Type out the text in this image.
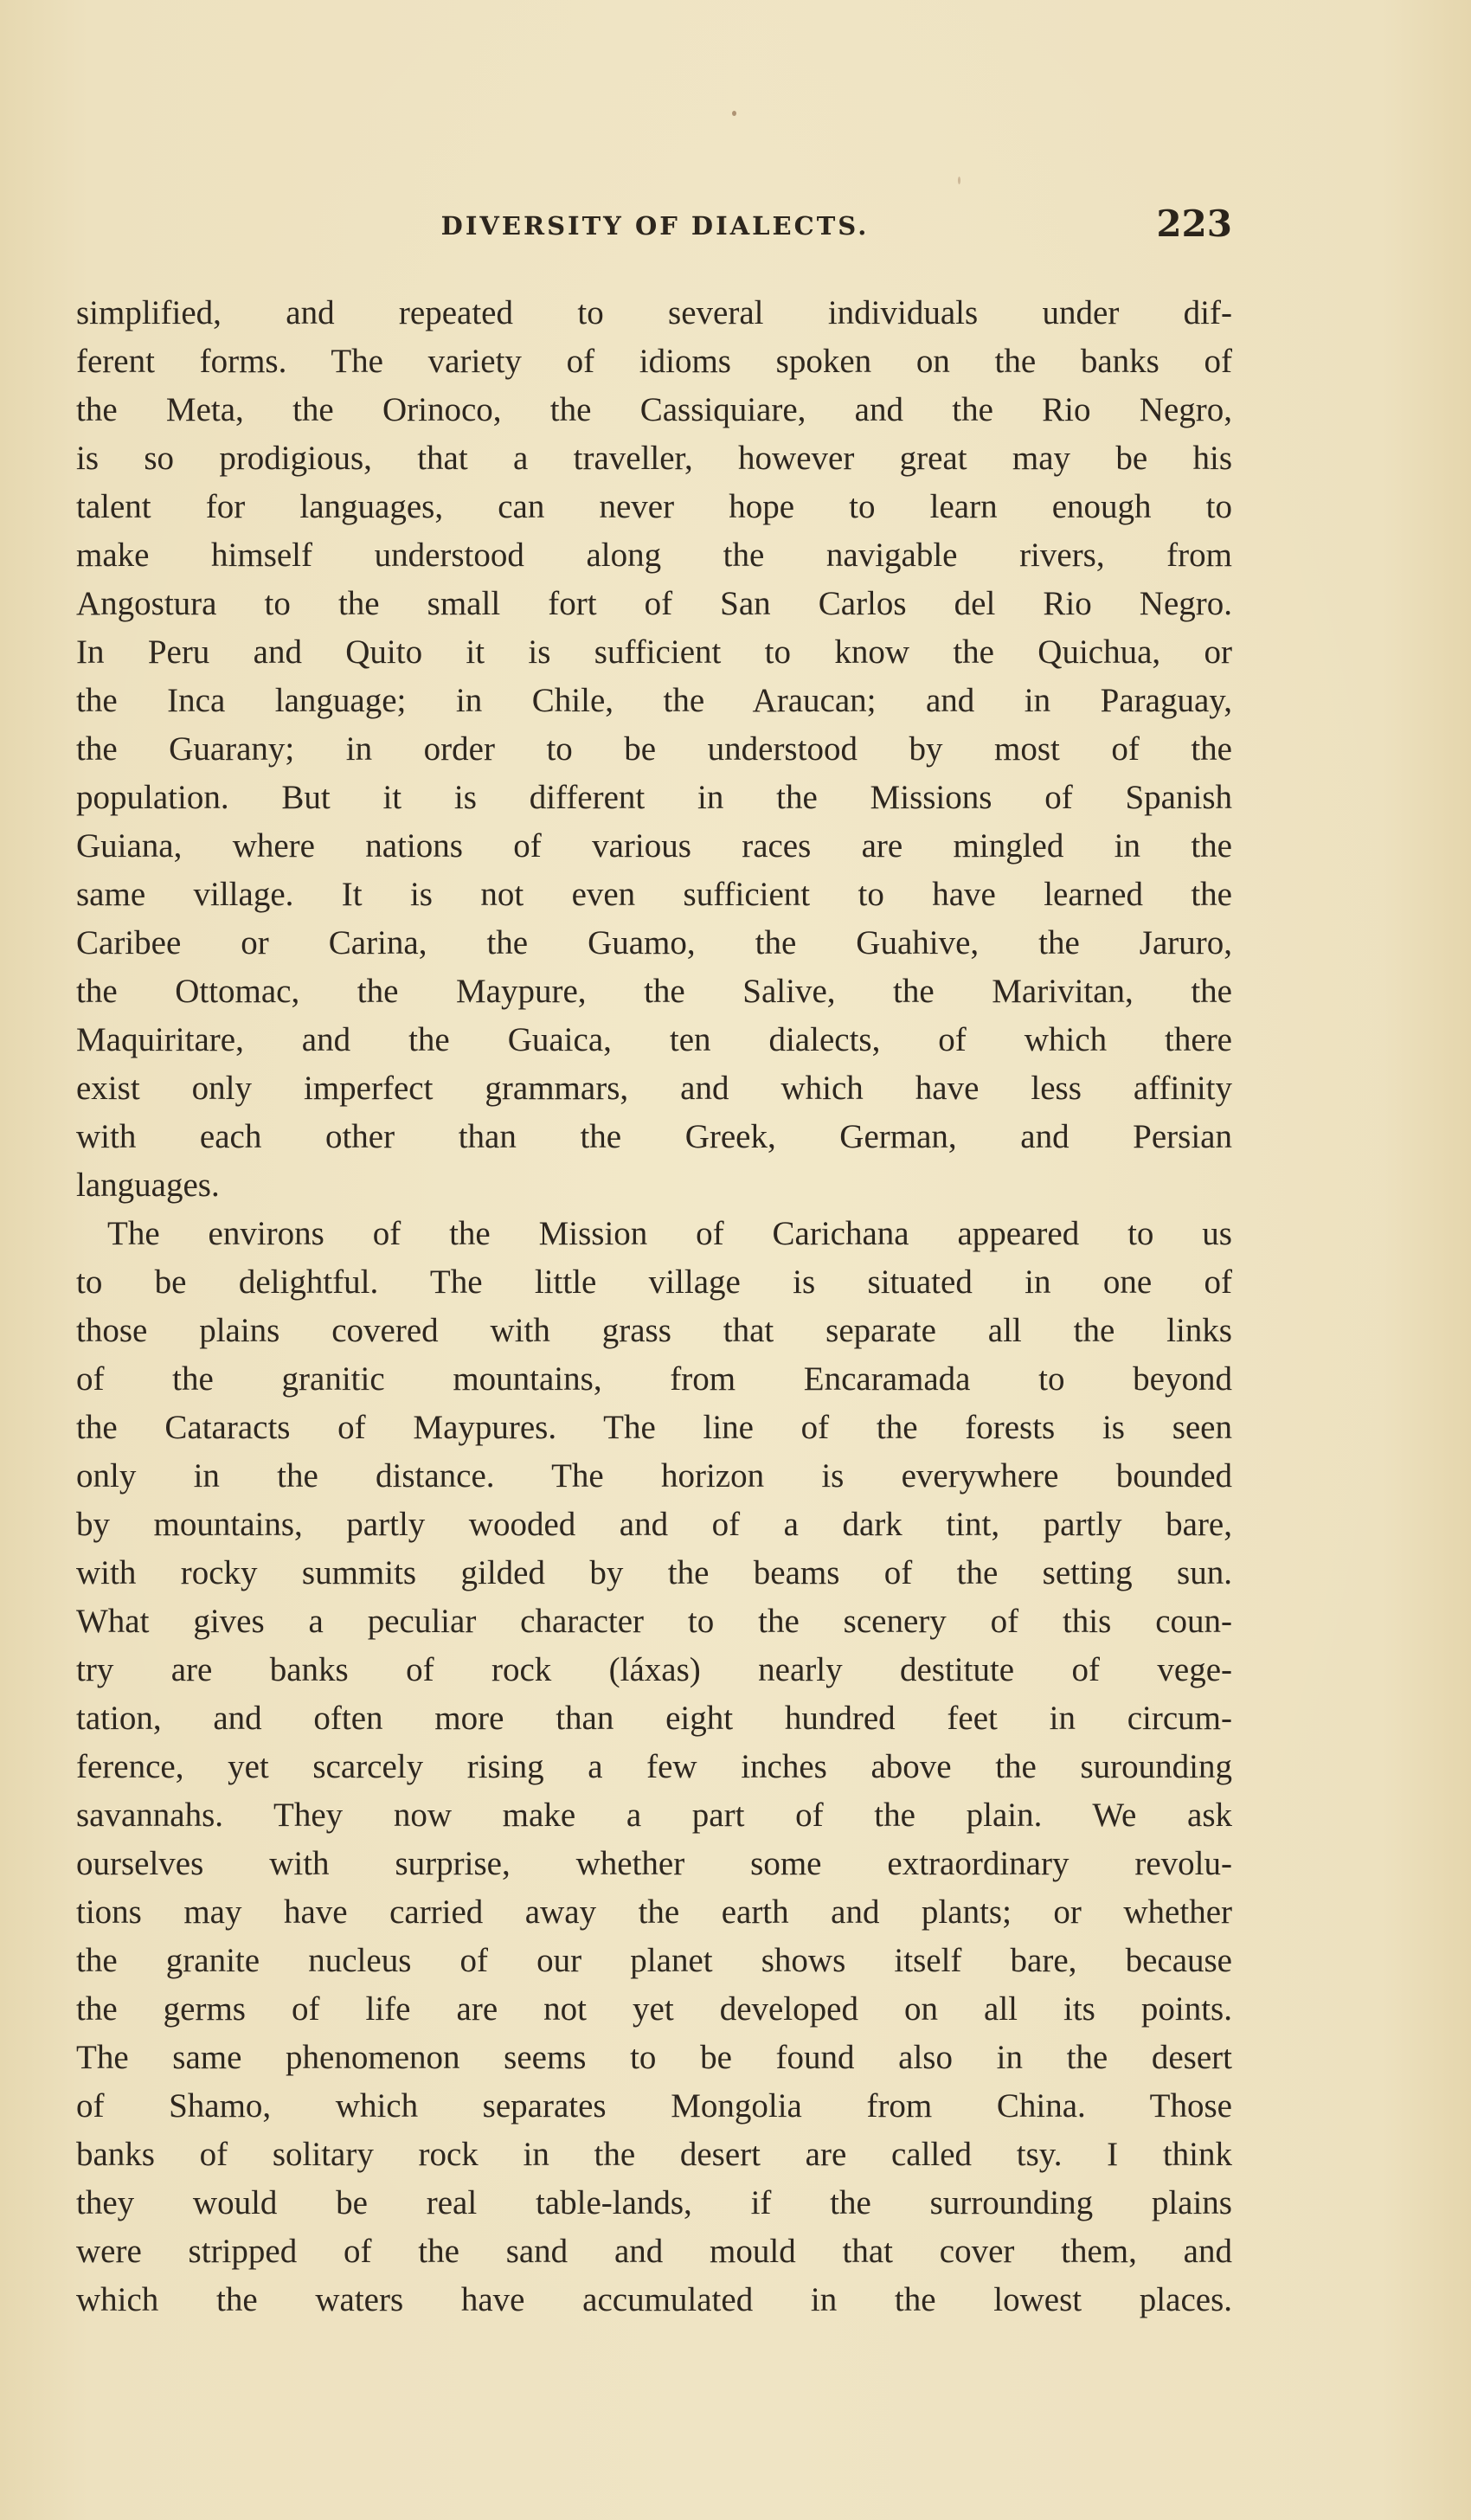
DIVERSITY OF DIALECTS.	223
simplified, and repeated to several individuals under dif-
ferent forms. The variety of idioms spoken on the banks of
the Meta, the Orinoco, the Cassiquiare, and the Rio Negro,
is so prodigious, that a traveller, however great may be his
talent for languages, can never hope to learn enough to
make himself understood along the navigable rivers, from
Angostura to the small fort of San Carlos del Rio Negro.
In Peru and Quito it is sufficient to know the Quichua, or
the Inca language; in Chile, the Araucan; and in Paraguay,
the Guarany; in order to be understood by most of the
population. But it is different in the Missions of Spanish
Guiana, where nations of various races are mingled in the
same village. It is not even sufficient to have learned the
Caribee or Carina, the Guamo, the Guahive, the Jaruro,
the Ottomac, the Maypure, the Salive, the Marivitan, the
Maquiritare, and the Guaica, ten dialects, of which there
exist only imperfect grammars, and which have less affinity
with each other than the Greek, German, and Persian
languages.
The environs of the Mission of Carichana appeared to us
to be delightful. The little village is situated in one of
those plains covered with grass that separate all the links
of the granitic mountains, from Encaramada to beyond
the Cataracts of Maypures. The line of the forests is seen
only in the distance. The horizon is everywhere bounded
by mountains, partly wooded and of a dark tint, partly bare,
with rocky summits gilded by the beams of the setting sun.
What gives a peculiar character to the scenery of this coun-
try are banks of rock (láxas) nearly destitute of vege-
tation, and often more than eight hundred feet in circum-
ference, yet scarcely rising a few inches above the surounding
savannahs. They now make a part of the plain. We ask
ourselves with surprise, whether some extraordinary revolu-
tions may have carried away the earth and plants; or whether
the granite nucleus of our planet shows itself bare, because
the germs of life are not yet developed on all its points.
The same phenomenon seems to be found also in the desert
of Shamo, which separates Mongolia from China. Those
banks of solitary rock in the desert are called tsy. I think
they would be real table-lands, if the surrounding plains
were stripped of the sand and mould that cover them, and
which the waters have accumulated in the lowest places.
